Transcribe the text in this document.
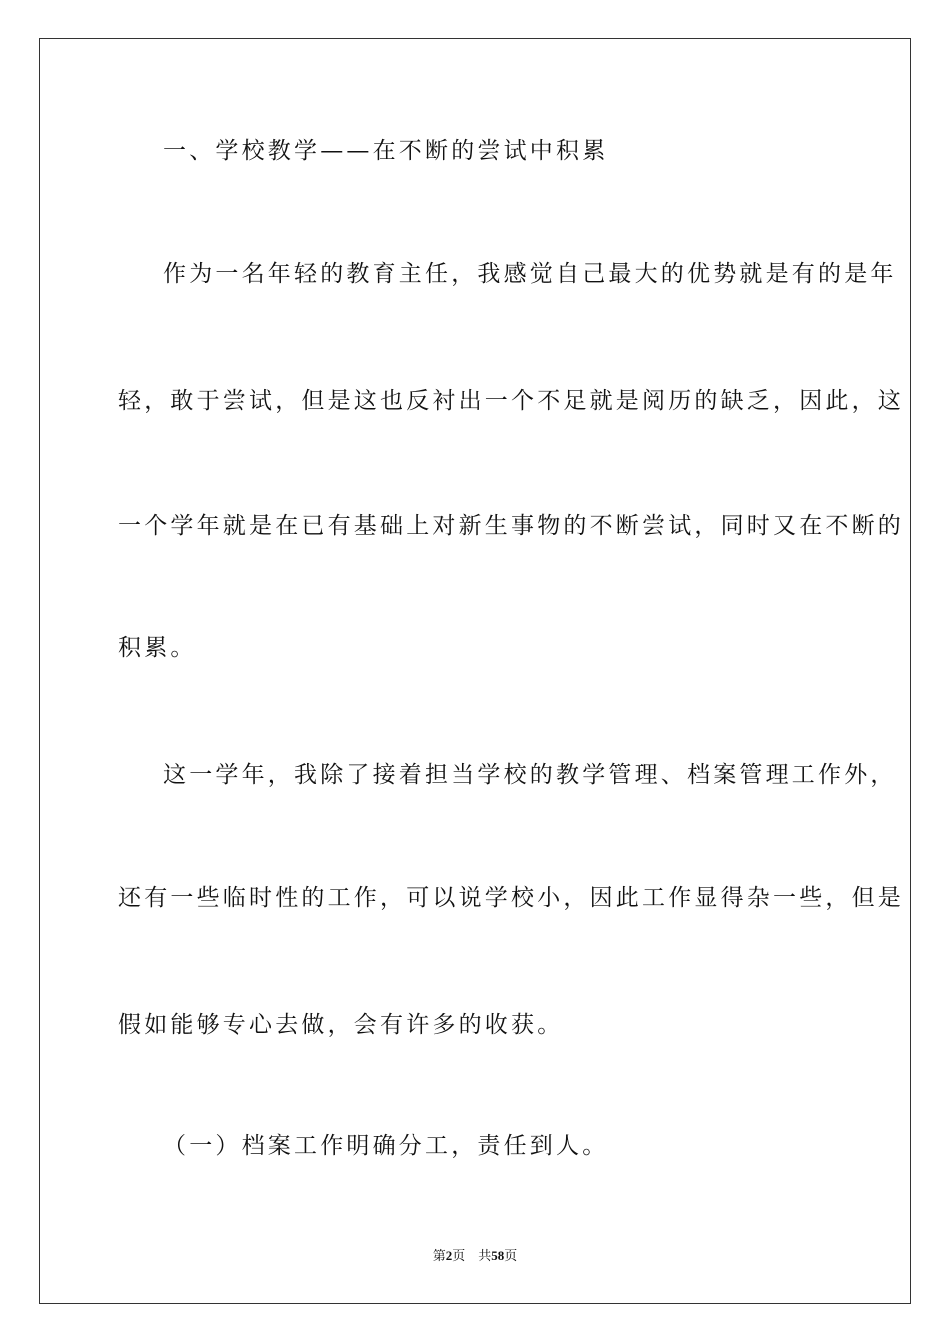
一、学校教学——在不断的尝试中积累
作为一名年轻的教育主任，我感觉自己最大的优势就是有的是年
轻，敢于尝试，但是这也反衬出一个不足就是阅历的缺乏，因此，这
一个学年就是在已有基础上对新生事物的不断尝试，同时又在不断的
积累。
这一学年，我除了接着担当学校的教学管理、档案管理工作外，
还有一些临时性的工作，可以说学校小，因此工作显得杂一些，但是
假如能够专心去做，会有许多的收获。
（一）档案工作明确分工，责任到人。
第2页 共58页
